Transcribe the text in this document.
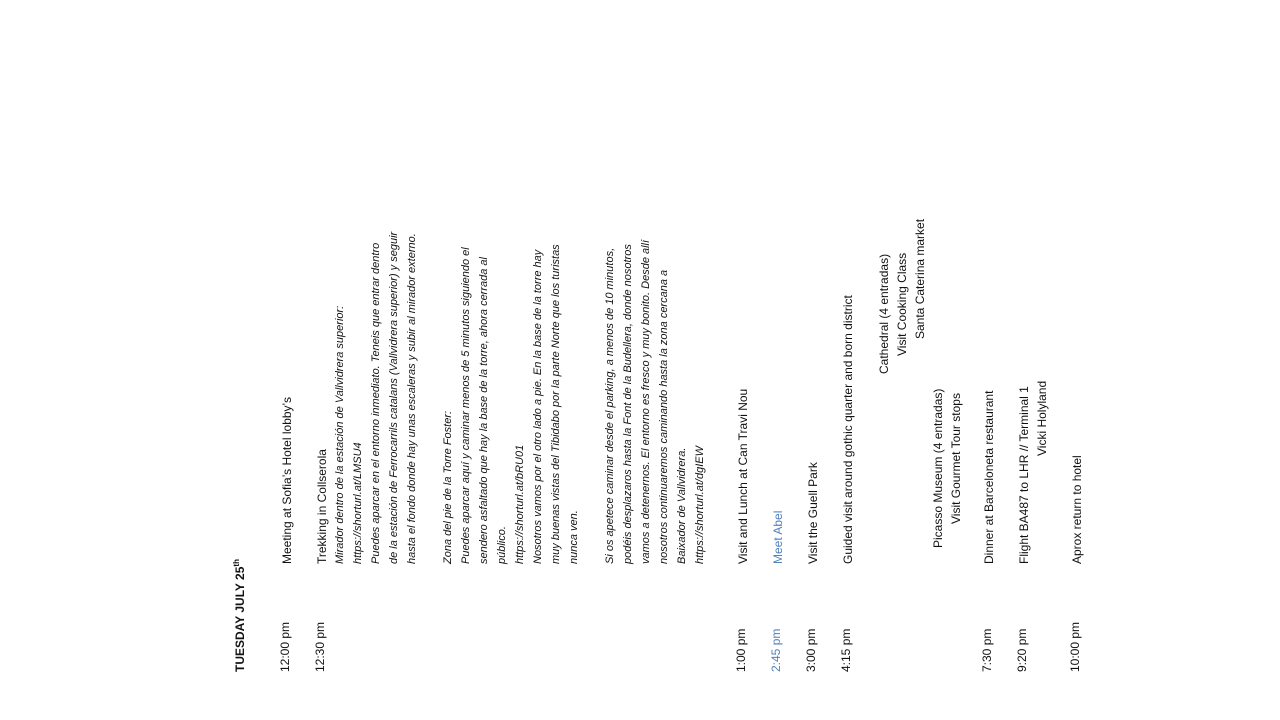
TUESDAY JULY 25th
12:00 pm
Meeting at Sofia’s Hotel lobby’s
12:30 pm
Trekking in Collserola Mirador dentro de la estación de Vallvidrera superior: https://shorturl.at/LMSU4 Puedes aparcar en el entorno inmediato. Teneis que entrar dentro de la estación de Ferrocarrils catalans (Vallvidrera superior) y seguir hasta el fondo donde hay unas escaleras y subir al mirador externo. Zona del pie de la Torre Foster: Puedes aparcar aquí y caminar menos de 5 minutos siguiendo el sendero asfaltado que hay la base de la torre, ahora cerrada al público. https://shorturl.at/bRU01 Nosotros vamos por el otro lado a pie. En la base de la torre hay muy buenas vistas del Tibidabo por la parte Norte que los turistas nunca ven. Si os apetece caminar desde el parking, a menos de 10 minutos, podéis desplazaros hasta la Font de la Budellera, donde nosotros vamos a detenernos. El entorno es fresco y muy bonito. Desde allí nosotros continuaremos caminando hasta la zona cercana a Baixador de Vallvidrera. https://shorturl.at/dgIEW
1:00 pm
Visit and Lunch at Can Travi Nou
2:45 pm
Meet Abel
3:00 pm
Visit the Guell Park
4:15 pm
Guided visit around gothic quarter and born district Cathedral (4 entradas) Visit Cooking Class Santa Caterina market
Picasso Museum (4 entradas) Visit Gourmet Tour stops
7:30 pm
Dinner at Barceloneta restaurant
9:20 pm
Flight BA487 to LHR // Terminal 1 Vicki Holyland
10:00 pm
Aprox return to hotel
